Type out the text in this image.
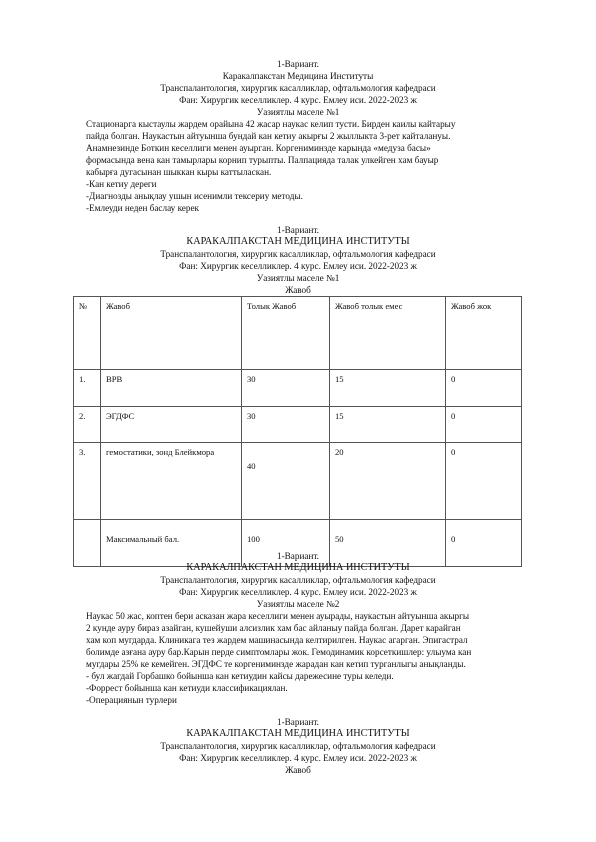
1-Вариант.
Каракалпакстан Медицина Институты
Транспалантология, хирургик касалликлар, офтальмология кафедраси
Фан: Хирургик кеселликлер. 4 курс. Емлеу иси. 2022-2023 ж
Уазиятлы маселе №1

Стационарга кыстаулы жардем орайына 42 жасар наукас келип тусти. Бирден каилы кайтарыу

пайда болган. Наукастын айтуынша бундай кан кетиу акырғы 2 жыллыкта 3-рет кайталануы.

Анамнезинде Боткин кеселлиги менен ауырган. Коргениминзде карында «медуза басы»

формасында вена кан тамырлары корнип турыпты. Палпацияда талак улкейген хам бауыр

кабырға дугасынан шыккан кыры каттыласкан.

-Кан кетиу дереги

-Диагнозды анықлау ушын исенимли тексериу методы.

-Емлеуди неден баслау керек

1-Вариант.
КАРАКАЛПАКСТАН МЕДИЦИНА ИНСТИТУТЫ
Транспалантология, хирургик касалликлар, офтальмология кафедраси
Фан: Хирургик кеселликлер. 4 курс. Емлеу иси. 2022-2023 ж
Уазиятлы маселе №1
Жавоб
№	Жавоб	Толык Жавоб	Жавоб толык емес	Жавоб жок
1.	ВРВ	30	15	0
2.	ЭГДФС	30	15	0
3.	гемостатики, зонд Блейкмора	40	20	0
	Максимальный бал.	100	50	0
1-Вариант.
КАРАКАЛПАКСТАН МЕДИЦИНА ИНСТИТУТЫ
Транспалантология, хирургик касалликлар, офтальмология кафедраси
Фан: Хирургик кеселликлер. 4 курс. Емлеу иси. 2022-2023 ж
Уазиятлы маселе №2

Наукас 50 жас, коптен бери асказан жара кеселлиги менен ауырады, наукастын айтуынша акыргы

2 кунде ауру бираз азайган, кушейуши алсизлик хам бас айланыу пайда болган. Дарет карайган

хам коп мугдарда. Клиникага тез жардем машинасында келтирилген. Наукас агарган. Эпигастрал

болимде азғана ауру бар.Карын перде симптомлары жок. Гемодинамик корсеткишлер: улыума кан

мугдары 25% ке кемейген. ЭГДФС те коргениминзде жарадан кан кетип турганлыгы анықланды.

- бул жагдай Горбашко бойынша кан кетиудин кайсы дарежесине туры келеди.

-Форрест бойынша кан кетиуди классификациялан.

-Операциянын турлери

1-Вариант.
КАРАКАЛПАКСТАН МЕДИЦИНА ИНСТИТУТЫ
Транспалантология, хирургик касалликлар, офтальмология кафедраси
Фан: Хирургик кеселликлер. 4 курс. Емлеу иси. 2022-2023 ж
Жавоб
